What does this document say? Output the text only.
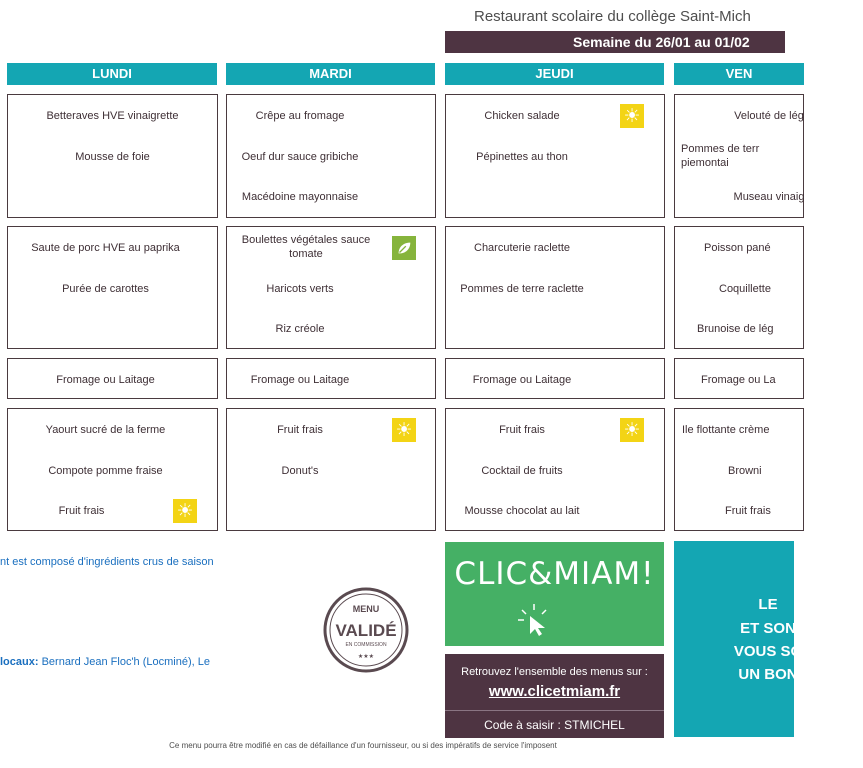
Restaurant scolaire du collège Saint-Mich
Semaine du 26/01 au 01/02
LUNDI	MARDI	JEUDI	VEN
Betteraves HVE vinaigrette
Mousse de foie
Saute de porc HVE au paprika
Purée de carottes
Fromage ou Laitage
Yaourt sucré de la ferme
Compote pomme fraise
Fruit frais	☀
Crêpe au fromage
Oeuf dur sauce gribiche
Macédoine mayonnaise
Boulettes végétales sauce tomate
Haricots verts
Riz créole
Fromage ou Laitage
Fruit frais
Donut's
☀
Chicken salade
Pépinettes au thon
☀
Charcuterie raclette
Pommes de terre raclette
Fromage ou Laitage
Fruit frais
Cocktail de fruits
Mousse chocolat au lait
☀
Velouté de lég
Pommes de terr piemontai
Museau vinaig
Poisson pané
Coquillette
Brunoise de lég
Fromage ou La
Ile flottante crème
Browni
Fruit frais
nt est composé d'ingrédients crus de saison
locaux: Bernard Jean Floc'h (Locminé), Le
MENU
VALIDÉ
EN COMMISSION
★★★
CLIC&MIAM!
Retrouvez l'ensemble des menus sur :
www.clicetmiam.fr
Code à saisir : STMICHEL
LE
ET SON
VOUS SO
UN BON
Ce menu pourra être modifié en cas de défaillance d'un fournisseur, ou si des impératifs de service l'imposent
